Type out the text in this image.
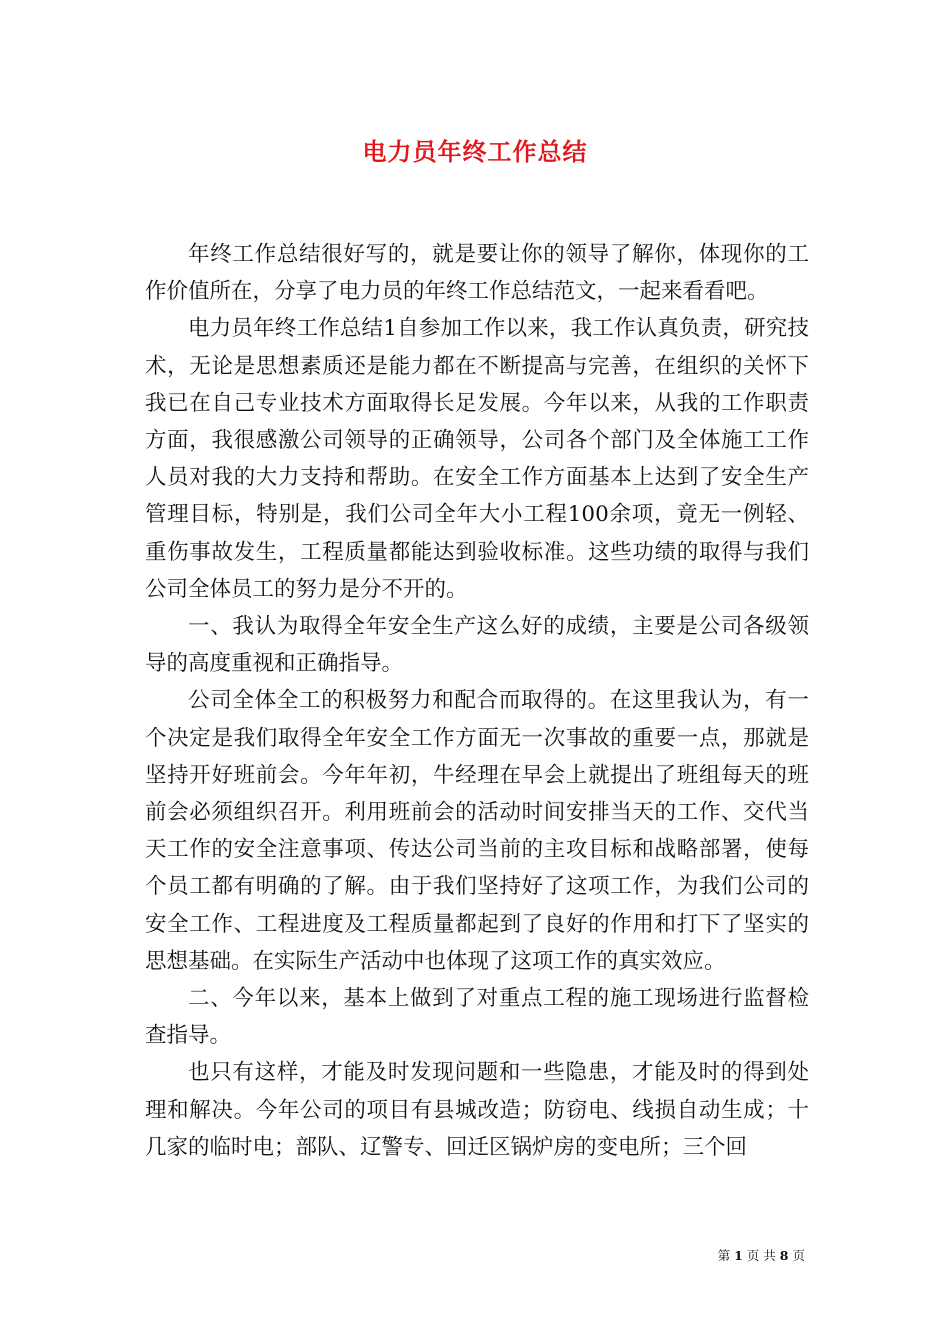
电力员年终工作总结

年终工作总结很好写的，就是要让你的领导了解你，体现你的工作价值所在，分享了电力员的年终工作总结范文，一起来看看吧。

电力员年终工作总结1自参加工作以来，我工作认真负责，研究技术，无论是思想素质还是能力都在不断提高与完善，在组织的关怀下我已在自己专业技术方面取得长足发展。今年以来，从我的工作职责方面，我很感激公司领导的正确领导，公司各个部门及全体施工工作人员对我的大力支持和帮助。在安全工作方面基本上达到了安全生产管理目标，特别是，我们公司全年大小工程100余项，竟无一例轻、重伤事故发生，工程质量都能达到验收标准。这些功绩的取得与我们公司全体员工的努力是分不开的。

一、我认为取得全年安全生产这么好的成绩，主要是公司各级领导的高度重视和正确指导。

公司全体全工的积极努力和配合而取得的。在这里我认为，有一个决定是我们取得全年安全工作方面无一次事故的重要一点，那就是坚持开好班前会。今年年初，牛经理在早会上就提出了班组每天的班前会必须组织召开。利用班前会的活动时间安排当天的工作、交代当天工作的安全注意事项、传达公司当前的主攻目标和战略部署，使每个员工都有明确的了解。由于我们坚持好了这项工作，为我们公司的安全工作、工程进度及工程质量都起到了良好的作用和打下了坚实的思想基础。在实际生产活动中也体现了这项工作的真实效应。

二、今年以来，基本上做到了对重点工程的施工现场进行监督检查指导。

也只有这样，才能及时发现问题和一些隐患，才能及时的得到处理和解决。今年公司的项目有县城改造；防窃电、线损自动生成；十几家的临时电；部队、辽警专、回迁区锅炉房的变电所；三个回

第 1 页 共 8 页
